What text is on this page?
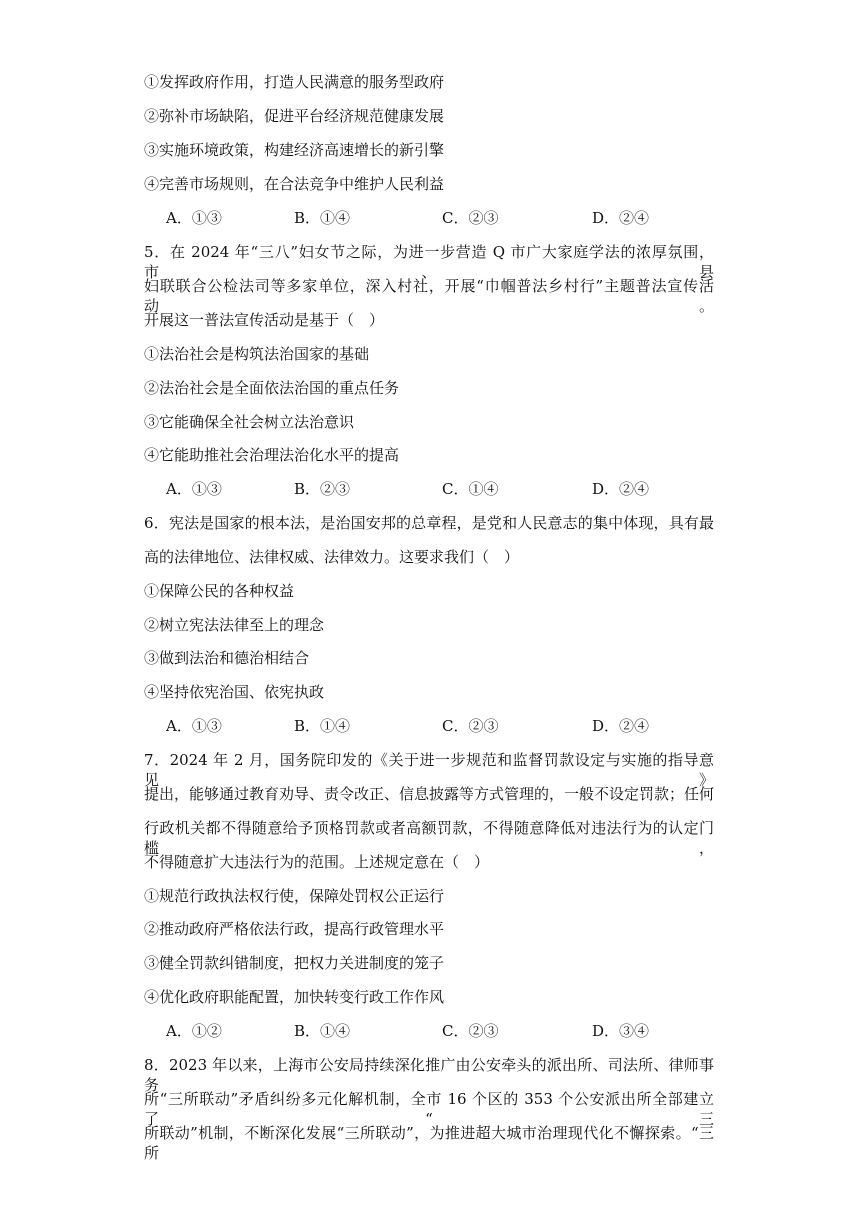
①发挥政府作用，打造人民满意的服务型政府
②弥补市场缺陷，促进平台经济规范健康发展
③实施环境政策，构建经济高速增长的新引擎
④完善市场规则，在合法竞争中维护人民利益
A．①③	B．①④	C．②③	D．②④
5．在 2024 年“三八”妇女节之际，为进一步营造 Q 市广大家庭学法的浓厚氛围，市、县
妇联联合公检法司等多家单位，深入村社，开展“巾帼普法乡村行”主题普法宣传活动。
开展这一普法宣传活动是基于（　）
①法治社会是构筑法治国家的基础
②法治社会是全面依法治国的重点任务
③它能确保全社会树立法治意识
④它能助推社会治理法治化水平的提高
A．①③	B．②③	C．①④	D．②④
6．宪法是国家的根本法，是治国安邦的总章程，是党和人民意志的集中体现，具有最
高的法律地位、法律权威、法律效力。这要求我们（　）
①保障公民的各种权益
②树立宪法法律至上的理念
③做到法治和德治相结合
④坚持依宪治国、依宪执政
A．①③	B．①④	C．②③	D．②④
7．2024 年 2 月，国务院印发的《关于进一步规范和监督罚款设定与实施的指导意见》
提出，能够通过教育劝导、责令改正、信息披露等方式管理的，一般不设定罚款；任何
行政机关都不得随意给予顶格罚款或者高额罚款，不得随意降低对违法行为的认定门槛，
不得随意扩大违法行为的范围。上述规定意在（　）
①规范行政执法权行使，保障处罚权公正运行
②推动政府严格依法行政，提高行政管理水平
③健全罚款纠错制度，把权力关进制度的笼子
④优化政府职能配置，加快转变行政工作作风
A．①②	B．①④	C．②③	D．③④
8．2023 年以来，上海市公安局持续深化推广由公安牵头的派出所、司法所、律师事务
所“三所联动”矛盾纠纷多元化解机制，全市 16 个区的 353 个公安派出所全部建立了“三
所联动”机制，不断深化发展“三所联动”，为推进超大城市治理现代化不懈探索。“三所
